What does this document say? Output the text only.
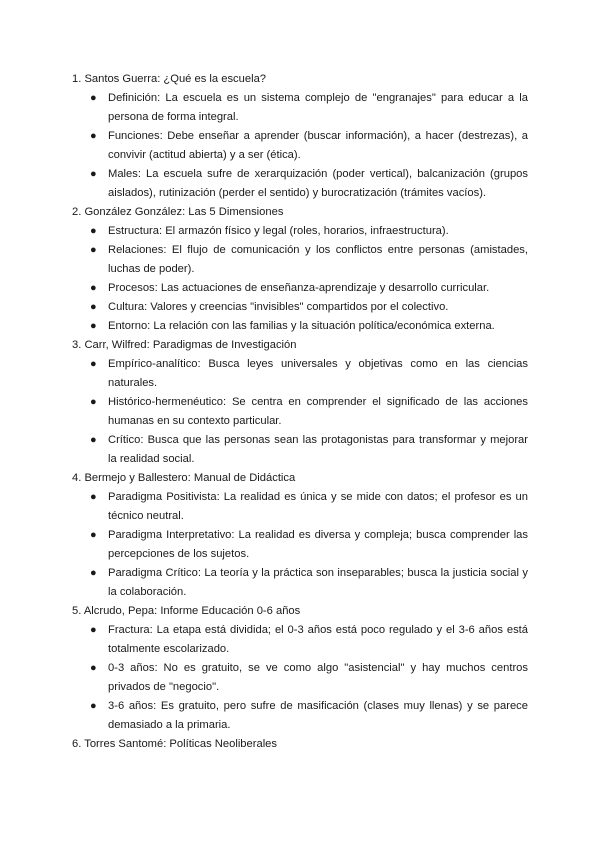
1. Santos Guerra: ¿Qué es la escuela?
● Definición: La escuela es un sistema complejo de "engranajes" para educar a la persona de forma integral.
● Funciones: Debe enseñar a aprender (buscar información), a hacer (destrezas), a convivir (actitud abierta) y a ser (ética).
● Males: La escuela sufre de xerarquización (poder vertical), balcanización (grupos aislados), rutinización (perder el sentido) y burocratización (trámites vacíos).
2. González González: Las 5 Dimensiones
● Estructura: El armazón físico y legal (roles, horarios, infraestructura).
● Relaciones: El flujo de comunicación y los conflictos entre personas (amistades, luchas de poder).
● Procesos: Las actuaciones de enseñanza-aprendizaje y desarrollo curricular.
● Cultura: Valores y creencias "invisibles" compartidos por el colectivo.
● Entorno: La relación con las familias y la situación política/económica externa.
3. Carr, Wilfred: Paradigmas de Investigación
● Empírico-analítico: Busca leyes universales y objetivas como en las ciencias naturales.
● Histórico-hermenéutico: Se centra en comprender el significado de las acciones humanas en su contexto particular.
● Crítico: Busca que las personas sean las protagonistas para transformar y mejorar la realidad social.
4. Bermejo y Ballestero: Manual de Didáctica
● Paradigma Positivista: La realidad es única y se mide con datos; el profesor es un técnico neutral.
● Paradigma Interpretativo: La realidad es diversa y compleja; busca comprender las percepciones de los sujetos.
● Paradigma Crítico: La teoría y la práctica son inseparables; busca la justicia social y la colaboración.
5. Alcrudo, Pepa: Informe Educación 0-6 años
● Fractura: La etapa está dividida; el 0-3 años está poco regulado y el 3-6 años está totalmente escolarizado.
● 0-3 años: No es gratuito, se ve como algo "asistencial" y hay muchos centros privados de "negocio".
● 3-6 años: Es gratuito, pero sufre de masificación (clases muy llenas) y se parece demasiado a la primaria.
6. Torres Santomé: Políticas Neoliberales
